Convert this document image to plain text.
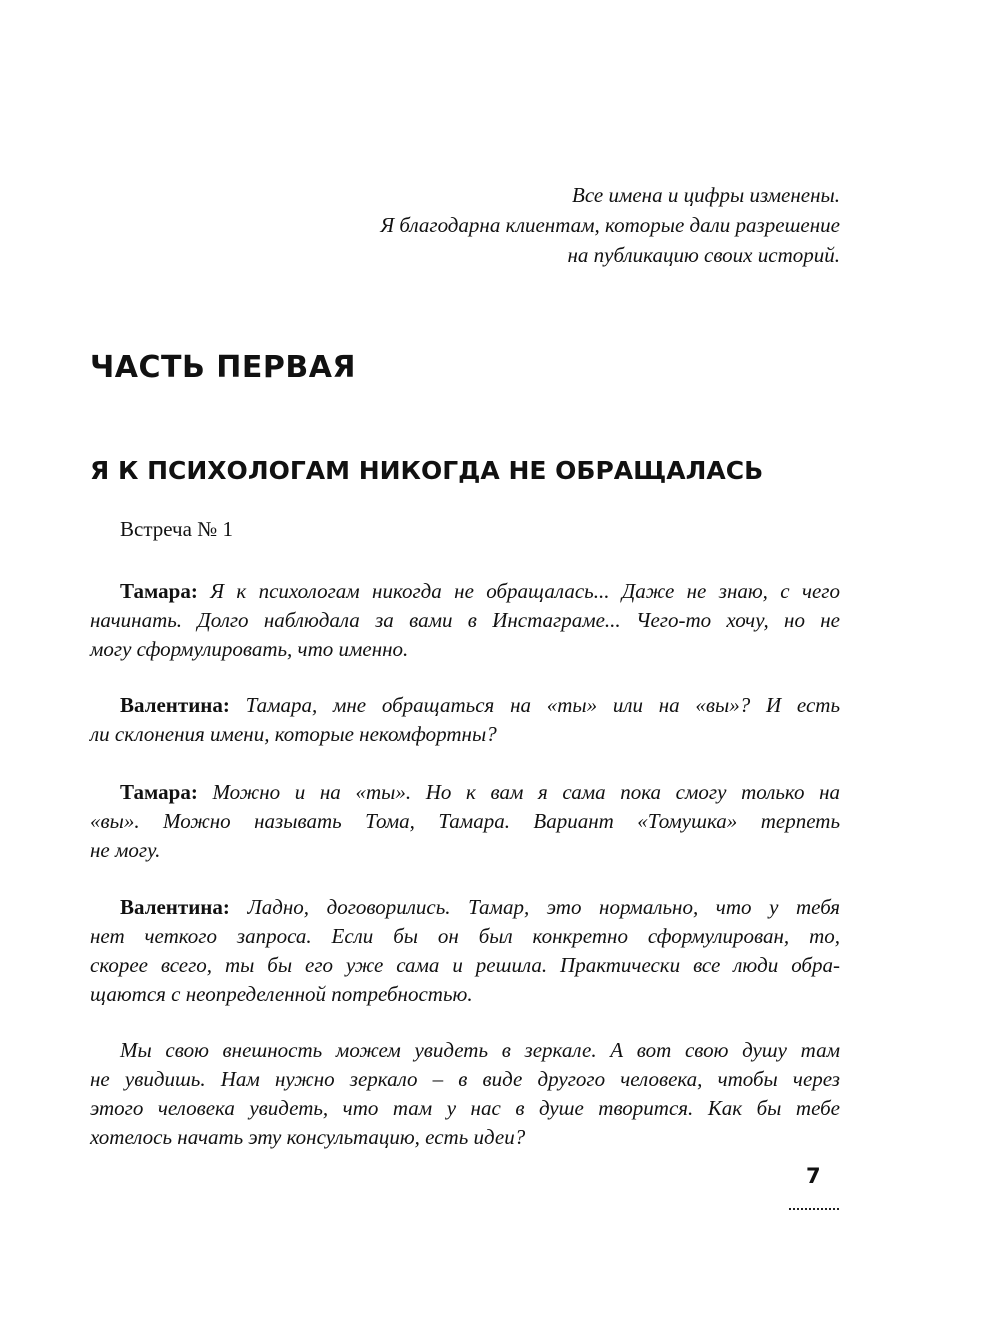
Все имена и цифры изменены.
Я благодарна клиентам, которые дали разрешение
на публикацию своих историй.
ЧАСТЬ ПЕРВАЯ
Я К ПСИХОЛОГАМ НИКОГДА НЕ ОБРАЩАЛАСЬ
Встреча № 1
Тамара: Я к психологам никогда не обращалась... Даже не знаю, с чего
начинать. Долго наблюдала за вами в Инстаграме... Чего-то хочу, но не
могу сформулировать, что именно.
Валентина: Тамара, мне обращаться на «ты» или на «вы»? И есть
ли склонения имени, которые некомфортны?
Тамара: Можно и на «ты». Но к вам я сама пока смогу только на
«вы». Можно называть Тома, Тамара. Вариант «Томушка» терпеть
не могу.
Валентина: Ладно, договорились. Тамар, это нормально, что у тебя
нет четкого запроса. Если бы он был конкретно сформулирован, то,
скорее всего, ты бы его уже сама и решила. Практически все люди обра-
щаются с неопределенной потребностью.
Мы свою внешность можем увидеть в зеркале. А вот свою душу там
не увидишь. Нам нужно зеркало – в виде другого человека, чтобы через
этого человека увидеть, что там у нас в душе творится. Как бы тебе
хотелось начать эту консультацию, есть идеи?
7
